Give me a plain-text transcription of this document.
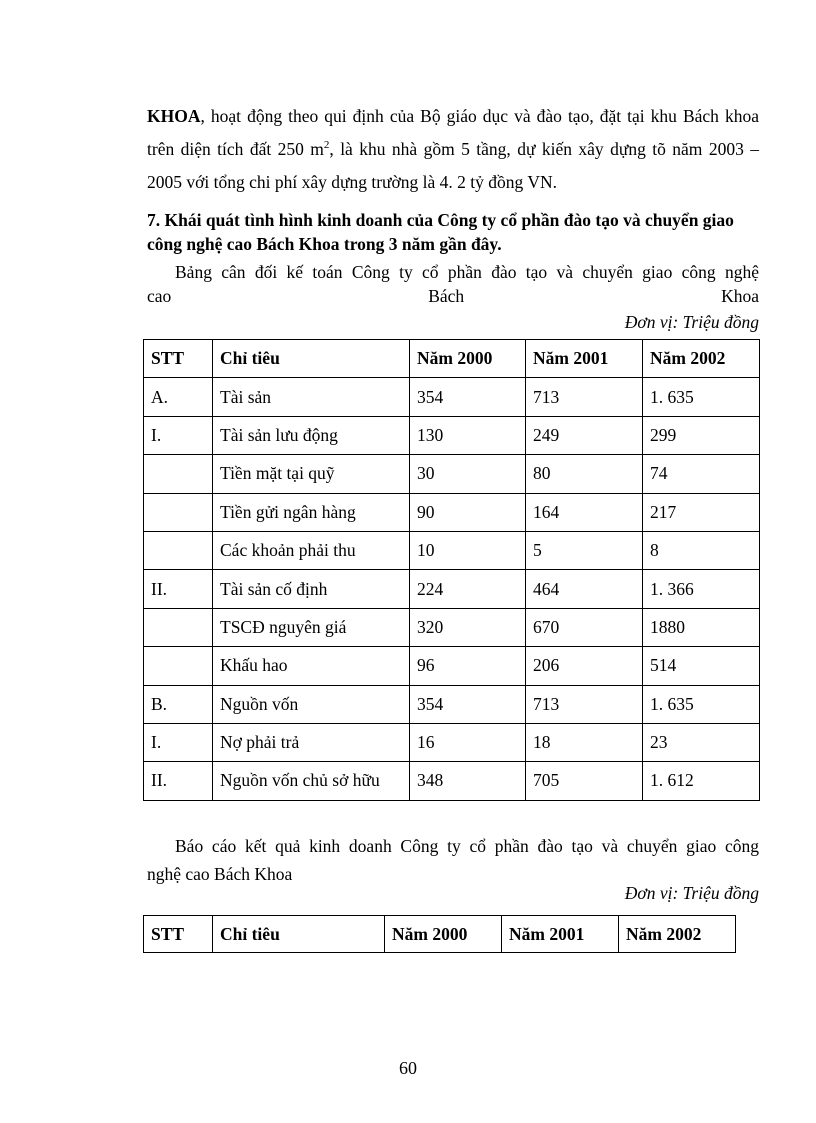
KHOA, hoạt động theo qui định của Bộ giáo dục và đào tạo, đặt tại khu Bách khoa trên diện tích đất 250 $m^2$, là khu nhà gồm 5 tầng, dự kiến xây dựng tõ năm 2003 – 2005 với tổng chi phí xây dựng trường là 4. 2 tỷ đồng VN.
7. Khái quát tình hình kinh doanh của Công ty cổ phần đào tạo và chuyển giao công nghệ cao Bách Khoa trong 3 năm gần đây.
Bảng cân đối kế toán Công ty cổ phần đào tạo và chuyển giao công nghệ
cao	Bách	Khoa
Đơn vị: Triệu đồng
STT	Chỉ tiêu	Năm 2000	Năm 2001	Năm 2002
A.	Tài sản	354	713	1. 635
I.	Tài sản lưu động	130	249	299
	Tiền mặt tại quỹ	30	80	74
	Tiền gửi ngân hàng	90	164	217
	Các khoản phải thu	10	5	8
II.	Tài sản cố định	224	464	1. 366
	TSCĐ nguyên giá	320	670	1880
	Khấu hao	96	206	514
B.	Nguồn vốn	354	713	1. 635
I.	Nợ phải trả	16	18	23
II.	Nguồn vốn chủ sở hữu	348	705	1. 612
Báo cáo kết quả kinh doanh Công ty cổ phần đào tạo và chuyển giao công
nghệ cao Bách Khoa
Đơn vị: Triệu đồng
STT	Chỉ tiêu	Năm 2000	Năm 2001	Năm 2002
60
